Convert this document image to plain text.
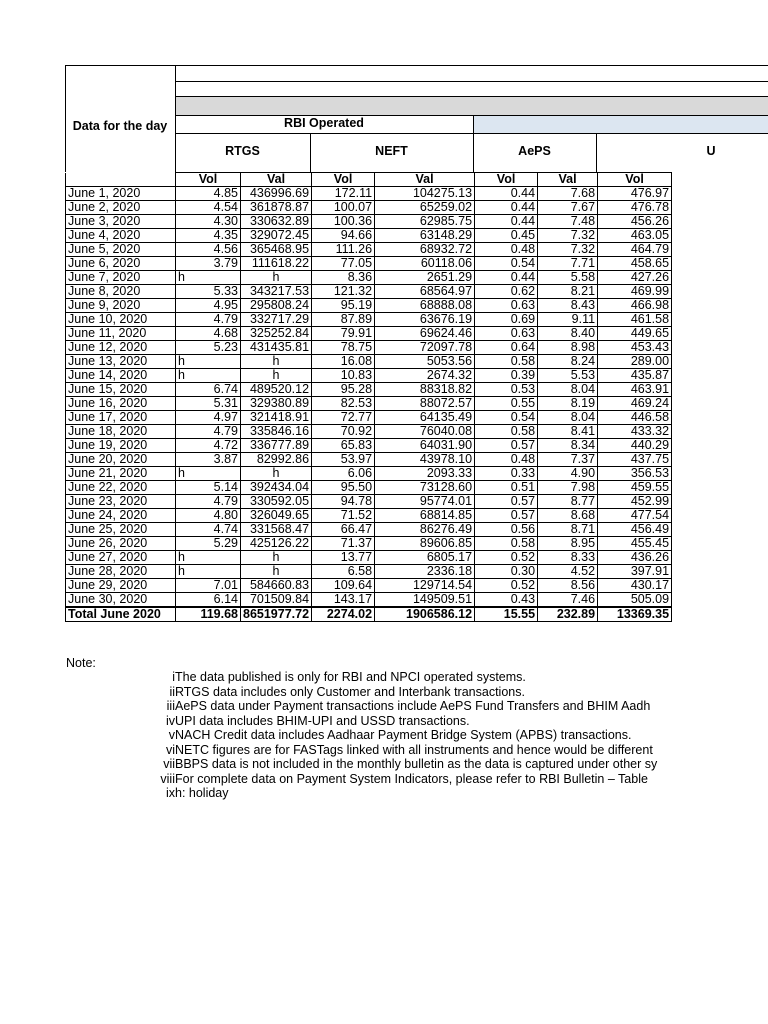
Data for the day	RBI Operated
RTGS	NEFT	AePS	U
	Vol	Val	Vol	Val	Vol	Val	Vol
June 1, 2020	4.85	436996.69	172.11	104275.13	0.44	7.68	476.97
June 2, 2020	4.54	361878.87	100.07	65259.02	0.44	7.67	476.78
June 3, 2020	4.30	330632.89	100.36	62985.75	0.44	7.48	456.26
June 4, 2020	4.35	329072.45	94.66	63148.29	0.45	7.32	463.05
June 5, 2020	4.56	365468.95	111.26	68932.72	0.48	7.32	464.79
June 6, 2020	3.79	111618.22	77.05	60118.06	0.54	7.71	458.65
June 7, 2020	h	h	8.36	2651.29	0.44	5.58	427.26
June 8, 2020	5.33	343217.53	121.32	68564.97	0.62	8.21	469.99
June 9, 2020	4.95	295808.24	95.19	68888.08	0.63	8.43	466.98
June 10, 2020	4.79	332717.29	87.89	63676.19	0.69	9.11	461.58
June 11, 2020	4.68	325252.84	79.91	69624.46	0.63	8.40	449.65
June 12, 2020	5.23	431435.81	78.75	72097.78	0.64	8.98	453.43
June 13, 2020	h	h	16.08	5053.56	0.58	8.24	289.00
June 14, 2020	h	h	10.83	2674.32	0.39	5.53	435.87
June 15, 2020	6.74	489520.12	95.28	88318.82	0.53	8.04	463.91
June 16, 2020	5.31	329380.89	82.53	88072.57	0.55	8.19	469.24
June 17, 2020	4.97	321418.91	72.77	64135.49	0.54	8.04	446.58
June 18, 2020	4.79	335846.16	70.92	76040.08	0.58	8.41	433.32
June 19, 2020	4.72	336777.89	65.83	64031.90	0.57	8.34	440.29
June 20, 2020	3.87	82992.86	53.97	43978.10	0.48	7.37	437.75
June 21, 2020	h	h	6.06	2093.33	0.33	4.90	356.53
June 22, 2020	5.14	392434.04	95.50	73128.60	0.51	7.98	459.55
June 23, 2020	4.79	330592.05	94.78	95774.01	0.57	8.77	452.99
June 24, 2020	4.80	326049.65	71.52	68814.85	0.57	8.68	477.54
June 25, 2020	4.74	331568.47	66.47	86276.49	0.56	8.71	456.49
June 26, 2020	5.29	425126.22	71.37	89606.85	0.58	8.95	455.45
June 27, 2020	h	h	13.77	6805.17	0.52	8.33	436.26
June 28, 2020	h	h	6.58	2336.18	0.30	4.52	397.91
June 29, 2020	7.01	584660.83	109.64	129714.54	0.52	8.56	430.17
June 30, 2020	6.14	701509.84	143.17	149509.51	0.43	7.46	505.09
Total June 2020	119.68	8651977.72	2274.02	1906586.12	15.55	232.89	13369.35
Note:
iThe data published is only for RBI and NPCI operated systems.
iiRTGS data includes only Customer and Interbank transactions.
iiiAePS data under Payment transactions include AePS Fund Transfers and BHIM Aadh
ivUPI data includes BHIM-UPI and USSD transactions.
vNACH Credit data includes Aadhaar Payment Bridge System (APBS) transactions.
viNETC figures are for FASTags linked with all instruments and hence would be different
viiBBPS data is not included in the monthly bulletin as the data is captured under other sy
viiiFor complete data on Payment System Indicators, please refer to RBI Bulletin – Table
ixh: holiday
